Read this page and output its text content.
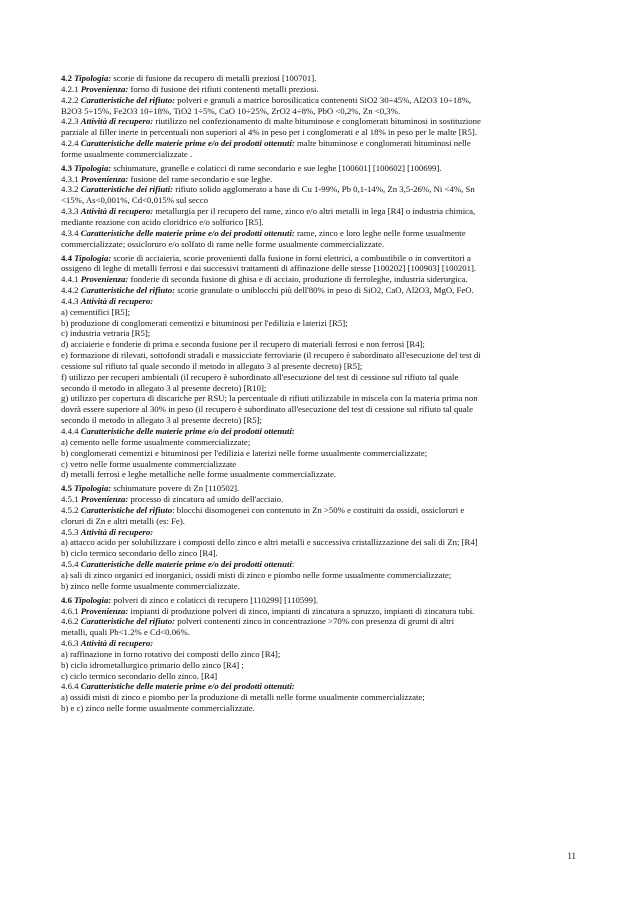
4.2 Tipologia: scorie di fusione da recupero di metalli preziosi [100701].

4.2.1 Provenienza: forno di fusione dei rifiuti contenenti metalli preziosi.

4.2.2 Caratteristiche del rifiuto: polveri e granuli a matrice borosilicatica contenenti SiO2 30÷45%, Al2O3 10÷18%,

B2O3 5÷15%, Fe2O3 10÷18%, TiO2 1÷5%, CaO 10÷25%, ZrO2 4÷8%, PbO <0,2%, Zn <0,3%.

4.2.3 Attività di recupero: riutilizzo nel confezionamento di malte bituminose e conglomerati bituminosi in sostituzione

parziale al filler inerte in percentuali non superiori al 4% in peso per i conglomerati e al 18% in peso per le malte [R5].

4.2.4 Caratteristiche delle materie prime e/o dei prodotti ottenuti: malte bituminose e conglomerati bituminosi nelle

forme usualmente commercializzate .

4.3 Tipologia: schiumature, granelle e colaticci di rame secondario e sue leghe [100601] [100602] [100699].

4.3.1 Provenienza: fusione del rame secondario e sue leghe.

4.3.2 Caratteristiche dei rifiuti: rifiuto solido agglomerato a base di Cu 1-99%, Pb 0,1-14%, Zn 3,5-26%, Ni <4%, Sn

<15%, As<0,001%, Cd<0,015% sul secco

4.3.3 Attività di recupero: metallurgia per il recupero del rame, zinco e/o altri metalli in lega [R4] o industria chimica,

mediante reazione con acido cloridrico e/o solforico [R5].

4.3.4 Caratteristiche delle materie prime e/o dei prodotti ottenuti: rame, zinco e loro leghe nelle forme usualmente

commercializzate; ossicloruro e/o solfato di rame nelle forme usualmente commercializzate.

4.4 Tipologia: scorie di acciaieria, scorie provenienti dalla fusione in forni elettrici, a combustibile o in convertitori a

ossigeno di leghe di metalli ferrosi e dai successivi trattamenti di affinazione delle stesse [100202] [100903] [100201].

4.4.1 Provenienza: fonderie di seconda fusione di ghisa e di acciaio, produzione di ferroleghe, industria siderurgica.

4.4.2 Caratteristiche del rifiuto: scorie granulate o uniblocchi più dell'80% in peso di SiO2, CaO, Al2O3, MgO, FeO.

4.4.3 Attività di recupero:

a) cementifici [R5];

b) produzione di conglomerati cementizi e bituminosi per l'edilizia e laterizi [R5];

c) industria vetraria [R5];

d) acciaierie e fonderie di prima e seconda fusione per il recupero di materiali ferrosi e non ferrosi [R4];

e) formazione di rilevati, sottofondi stradali e massicciate ferroviarie (il recupero è subordinato all'esecuzione del test di

cessione sul rifiuto tal quale secondo il metodo in allegato 3 al presente decreto) [R5];

f) utilizzo per recuperi ambientali (il recupero è subordinato all'esecuzione del test di cessione sul rifiuto tal quale

secondo il metodo in allegato 3 al presente decreto) [R10];

g) utilizzo per copertura di discariche per RSU; la percentuale di rifiuti utilizzabile in miscela con la materia prima non

dovrà essere superiore al 30% in peso (il recupero è subordinato all'esecuzione del test di cessione sul rifiuto tal quale

secondo il metodo in allegato 3 al presente decreto) [R5];

4.4.4 Caratteristiche delle materie prime e/o dei prodotti ottenuti:

a) cemento nelle forme usualmente commercializzate;

b) conglomerati cementizi e bituminosi per l'edilizia e laterizi nelle forme usualmente commercializzate;

c) vetro nelle forme usualmente commercializzate

d) metalli ferrosi e leghe metalliche nelle forme usualmente commercializzate.

4.5 Tipologia: schiumature povere di Zn [110502].

4.5.1 Provenienza: processo di zincatura ad umido dell'acciaio.

4.5.2 Caratteristiche del rifiuto: blocchi disomogenei con contenuto in Zn >50% e costituiti da ossidi, ossicloruri e

cloruri di Zn e altri metalli (es: Fe).

4.5.3 Attività di recupero:

a) attacco acido per solubilizzare i composti dello zinco e altri metalli e successiva cristallizzazione dei sali di Zn; [R4]

b) ciclo termico secondario dello zinco [R4].

4.5.4 Caratteristiche delle materie prime e/o dei prodotti ottenuti:

a) sali di zinco organici ed inorganici, ossidi misti di zinco e piombo nelle forme usualmente commercializzate;

b) zinco nelle forme usualmente commercializzate.

4.6 Tipologia: polveri di zinco e colaticci di recupero [110299] [110599].

4.6.1 Provenienza: impianti di produzione polveri di zinco, impianti di zincatura a spruzzo, impianti di zincatura tubi.

4.6.2 Caratteristiche del rifiuto: polveri contenenti zinco in concentrazione >70% con presenza di grumi di altri

metalli, quali Pb<1.2% e Cd<0.06%.

4.6.3 Attività di recupero:

a) raffinazione in forno rotativo dei composti dello zinco [R4];

b) ciclo idrometallurgico primario dello zinco [R4] ;

c) ciclo termico secondario dello zinco. [R4]

4.6.4 Caratteristiche delle materie prime e/o dei prodotti ottenuti:

a) ossidi misti di zinco e piombo per la produzione di metalli nelle forme usualmente commercializzate;

b) e c) zinco nelle forme usualmente commercializzate.

11
